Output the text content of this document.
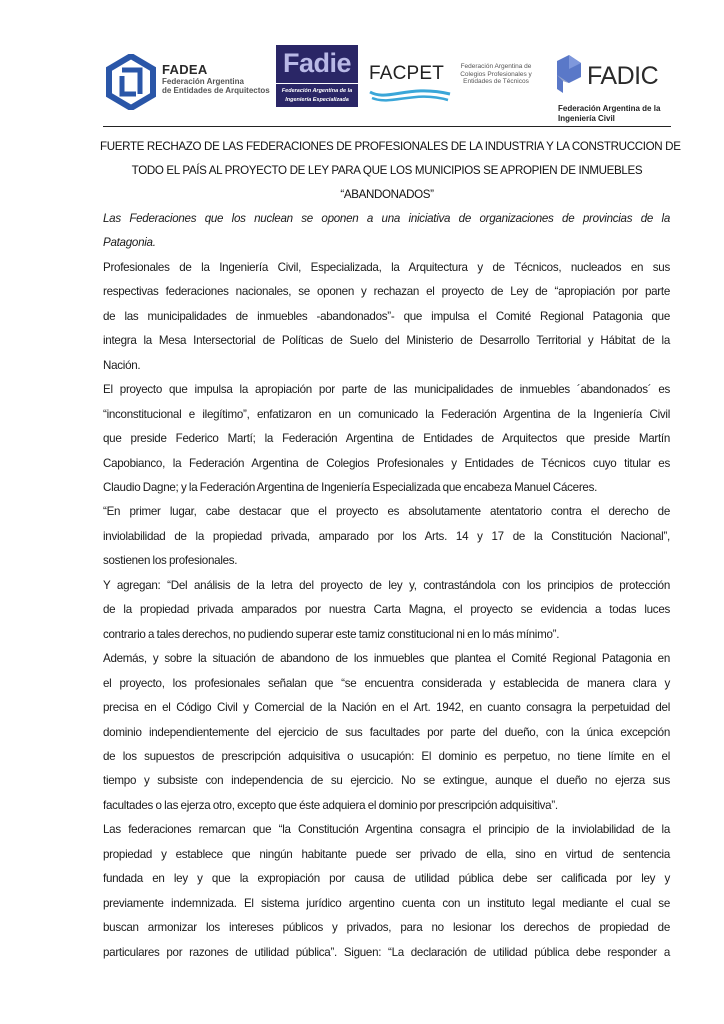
FADEA
Federación Argentina
de Entidades de Arquitectos
Fadie
Federación Argentina de la
Ingeniería Especializada
FACPET	Federación Argentina de Colegios Profesionales y Entidades de Técnicos	FADIC
Federación Argentina de la
Ingeniería Civil
FUERTE RECHAZO DE LAS FEDERACIONES DE PROFESIONALES DE LA INDUSTRIA Y LA CONSTRUCCION DE
TODO EL PAÍS AL PROYECTO DE LEY PARA QUE LOS MUNICIPIOS SE APROPIEN DE INMUEBLES
“ABANDONADOS”
Las Federaciones que los nuclean se oponen a una iniciativa de organizaciones de provincias de la
Patagonia.
Profesionales de la Ingeniería Civil, Especializada, la Arquitectura y de Técnicos, nucleados en sus
respectivas federaciones nacionales, se oponen y rechazan el proyecto de Ley de “apropiación por parte
de las municipalidades de inmuebles -abandonados”- que impulsa el Comité Regional Patagonia que
integra la Mesa Intersectorial de Políticas de Suelo del Ministerio de Desarrollo Territorial y Hábitat de la
Nación.
El proyecto que impulsa la apropiación por parte de las municipalidades de inmuebles ´abandonados´ es
“inconstitucional e ilegítimo”, enfatizaron en un comunicado la Federación Argentina de la Ingeniería Civil
que preside Federico Martí; la Federación Argentina de Entidades de Arquitectos que preside Martín
Capobianco, la Federación Argentina de Colegios Profesionales y Entidades de Técnicos cuyo titular es
Claudio Dagne; y la Federación Argentina de Ingeniería Especializada que encabeza Manuel Cáceres.
“En primer lugar, cabe destacar que el proyecto es absolutamente atentatorio contra el derecho de
inviolabilidad de la propiedad privada, amparado por los Arts. 14 y 17 de la Constitución Nacional”,
sostienen los profesionales.
Y agregan: “Del análisis de la letra del proyecto de ley y, contrastándola con los principios de protección
de la propiedad privada amparados por nuestra Carta Magna, el proyecto se evidencia a todas luces
contrario a tales derechos, no pudiendo superar este tamiz constitucional ni en lo más mínimo”.
Además, y sobre la situación de abandono de los inmuebles que plantea el Comité Regional Patagonia en
el proyecto, los profesionales señalan que “se encuentra considerada y establecida de manera clara y
precisa en el Código Civil y Comercial de la Nación en el Art. 1942, en cuanto consagra la perpetuidad del
dominio independientemente del ejercicio de sus facultades por parte del dueño, con la única excepción
de los supuestos de prescripción adquisitiva o usucapión: El dominio es perpetuo, no tiene límite en el
tiempo y subsiste con independencia de su ejercicio. No se extingue, aunque el dueño no ejerza sus
facultades o las ejerza otro, excepto que éste adquiera el dominio por prescripción adquisitiva”.
Las federaciones remarcan que “la Constitución Argentina consagra el principio de la inviolabilidad de la
propiedad y establece que ningún habitante puede ser privado de ella, sino en virtud de sentencia
fundada en ley y que la expropiación por causa de utilidad pública debe ser calificada por ley y
previamente indemnizada. El sistema jurídico argentino cuenta con un instituto legal mediante el cual se
buscan armonizar los intereses públicos y privados, para no lesionar los derechos de propiedad de
particulares por razones de utilidad pública”. Siguen: “La declaración de utilidad pública debe responder a
